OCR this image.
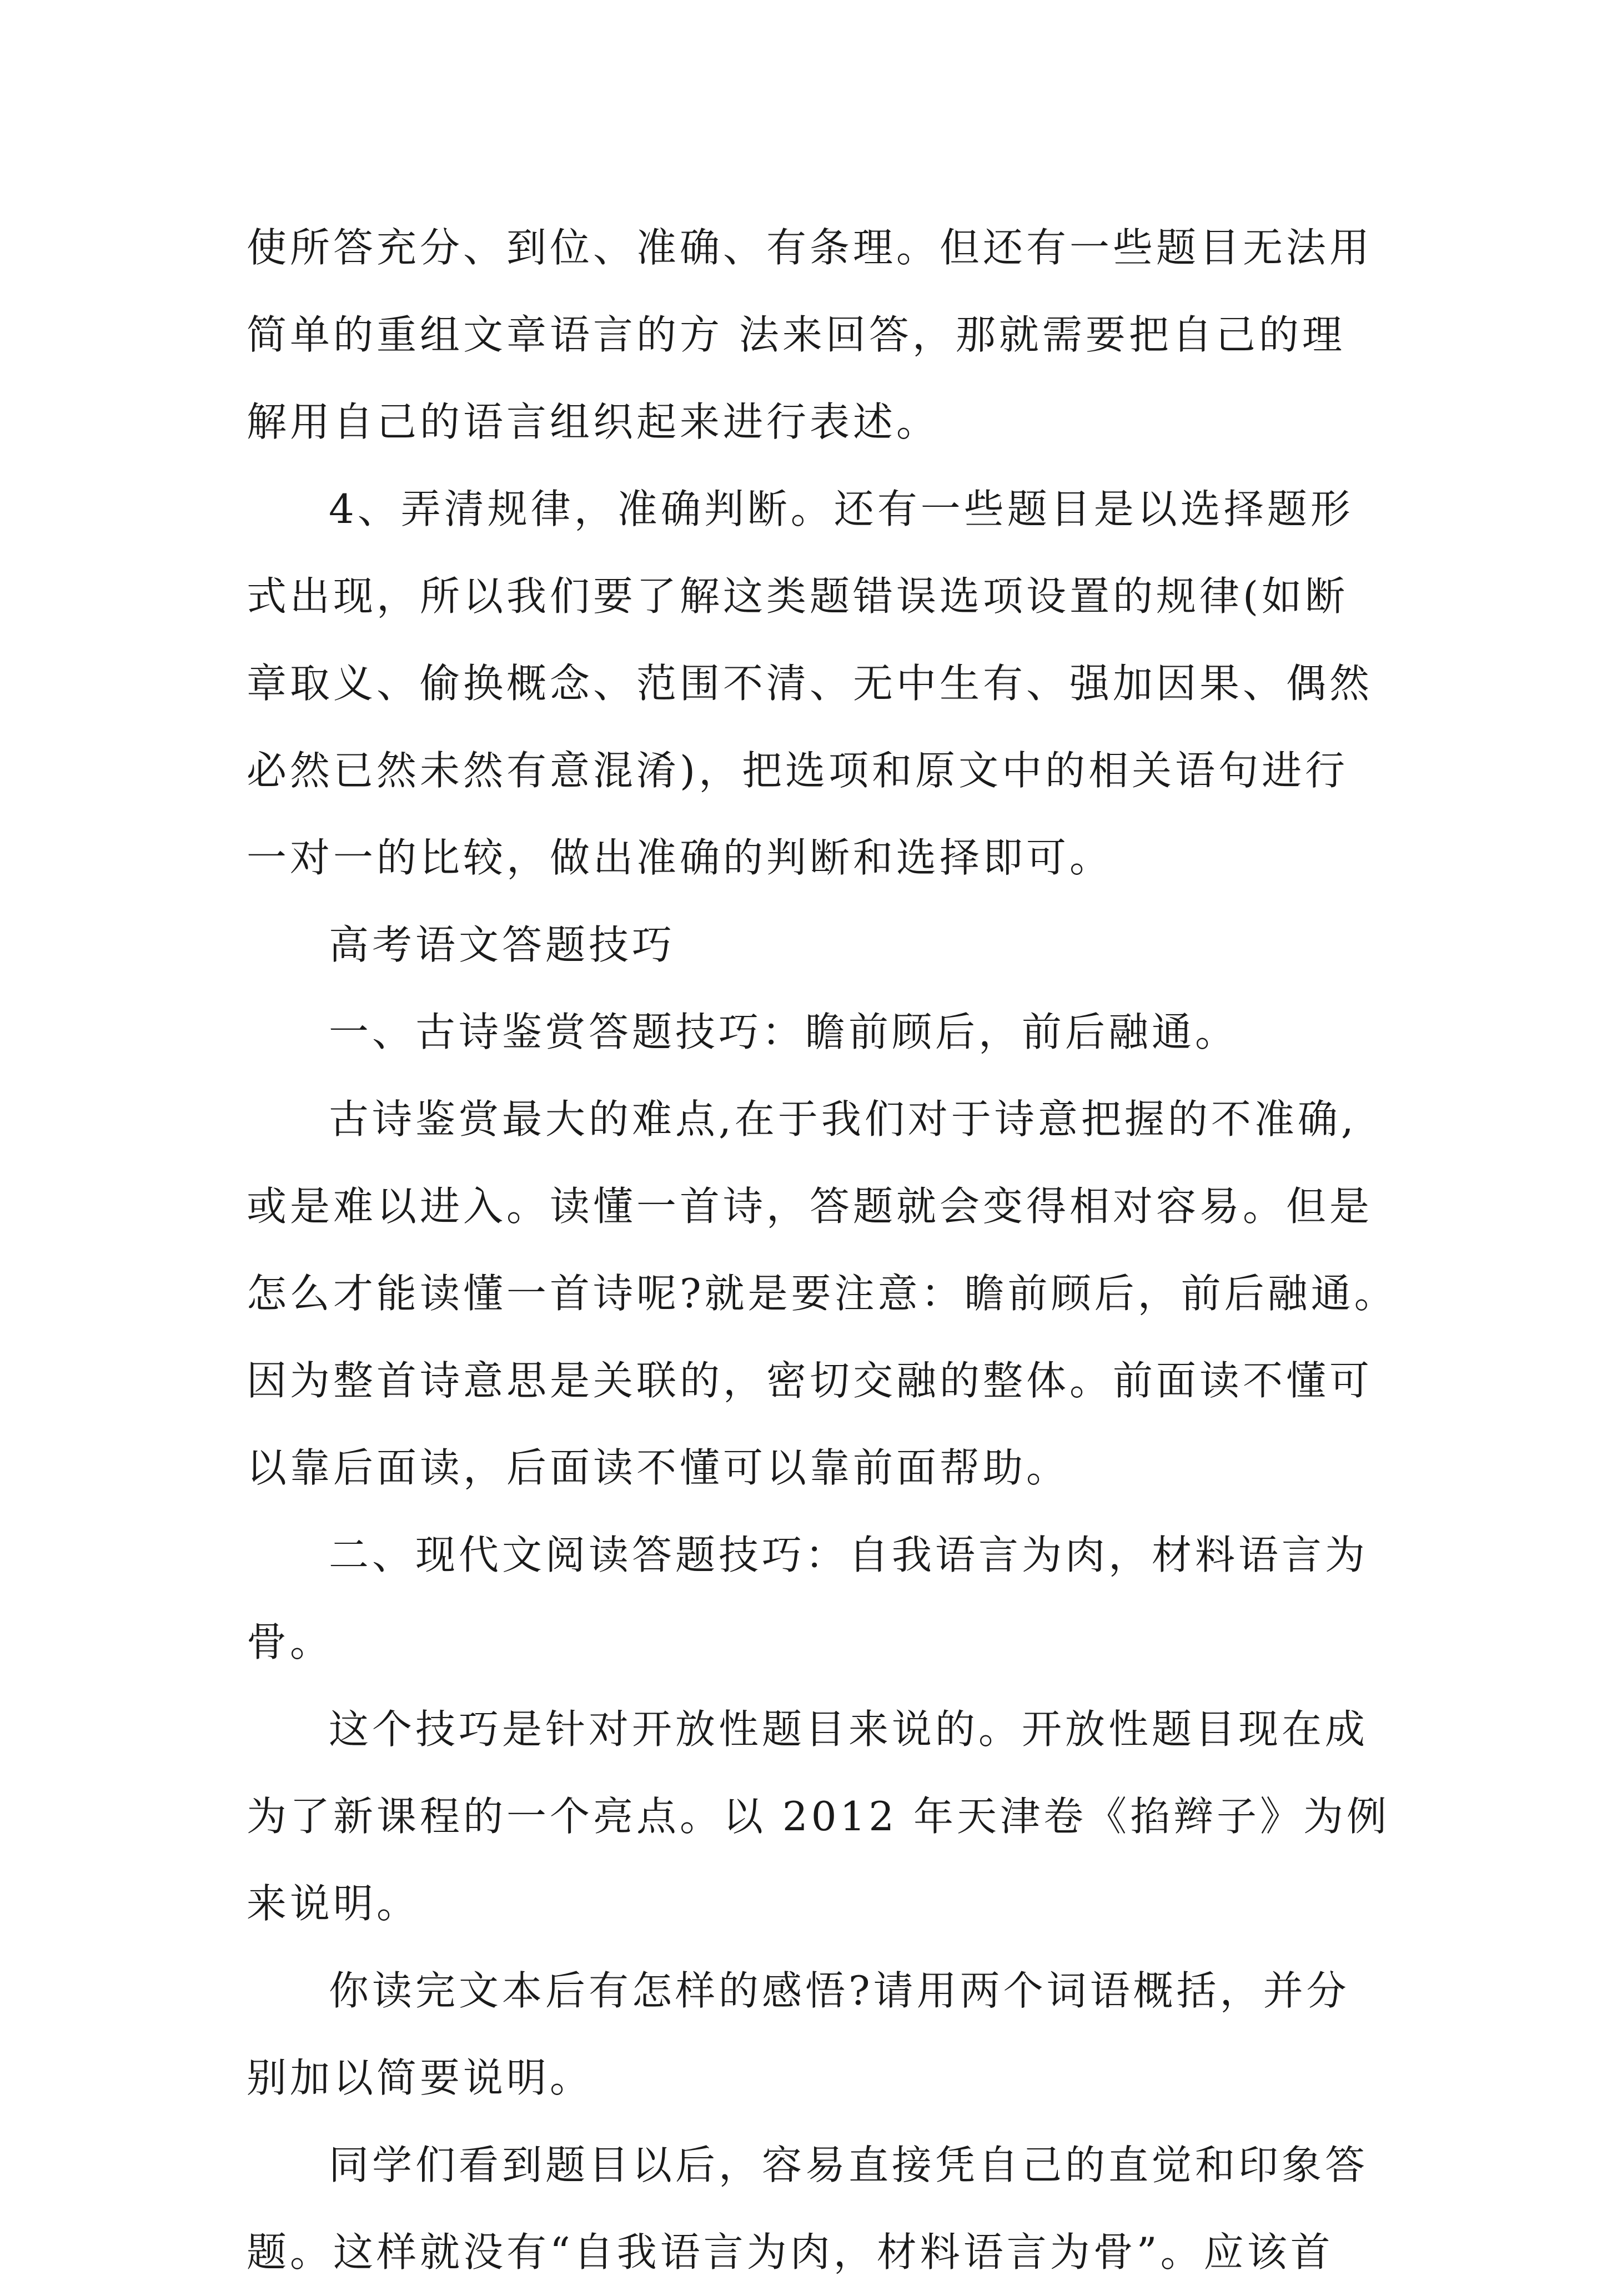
使所答充分、到位、准确、有条理。但还有一些题目无法用
简单的重组文章语言的方 法来回答，那就需要把自己的理
解用自己的语言组织起来进行表述。
4、弄清规律，准确判断。还有一些题目是以选择题形
式出现，所以我们要了解这类题错误选项设置的规律(如断
章取义、偷换概念、范围不清、无中生有、强加因果、偶然
必然已然未然有意混淆)，把选项和原文中的相关语句进行
一对一的比较，做出准确的判断和选择即可。
高考语文答题技巧
一、古诗鉴赏答题技巧：瞻前顾后，前后融通。
古诗鉴赏最大的难点,在于我们对于诗意把握的不准确,
或是难以进入。读懂一首诗，答题就会变得相对容易。但是
怎么才能读懂一首诗呢?就是要注意：瞻前顾后，前后融通。
因为整首诗意思是关联的，密切交融的整体。前面读不懂可
以靠后面读，后面读不懂可以靠前面帮助。
二、现代文阅读答题技巧：自我语言为肉，材料语言为
骨。
这个技巧是针对开放性题目来说的。开放性题目现在成
为了新课程的一个亮点。以 2012 年天津卷《掐辫子》为例
来说明。
你读完文本后有怎样的感悟?请用两个词语概括，并分
别加以简要说明。
同学们看到题目以后，容易直接凭自己的直觉和印象答
题。这样就没有“自我语言为肉，材料语言为骨”。应该首
